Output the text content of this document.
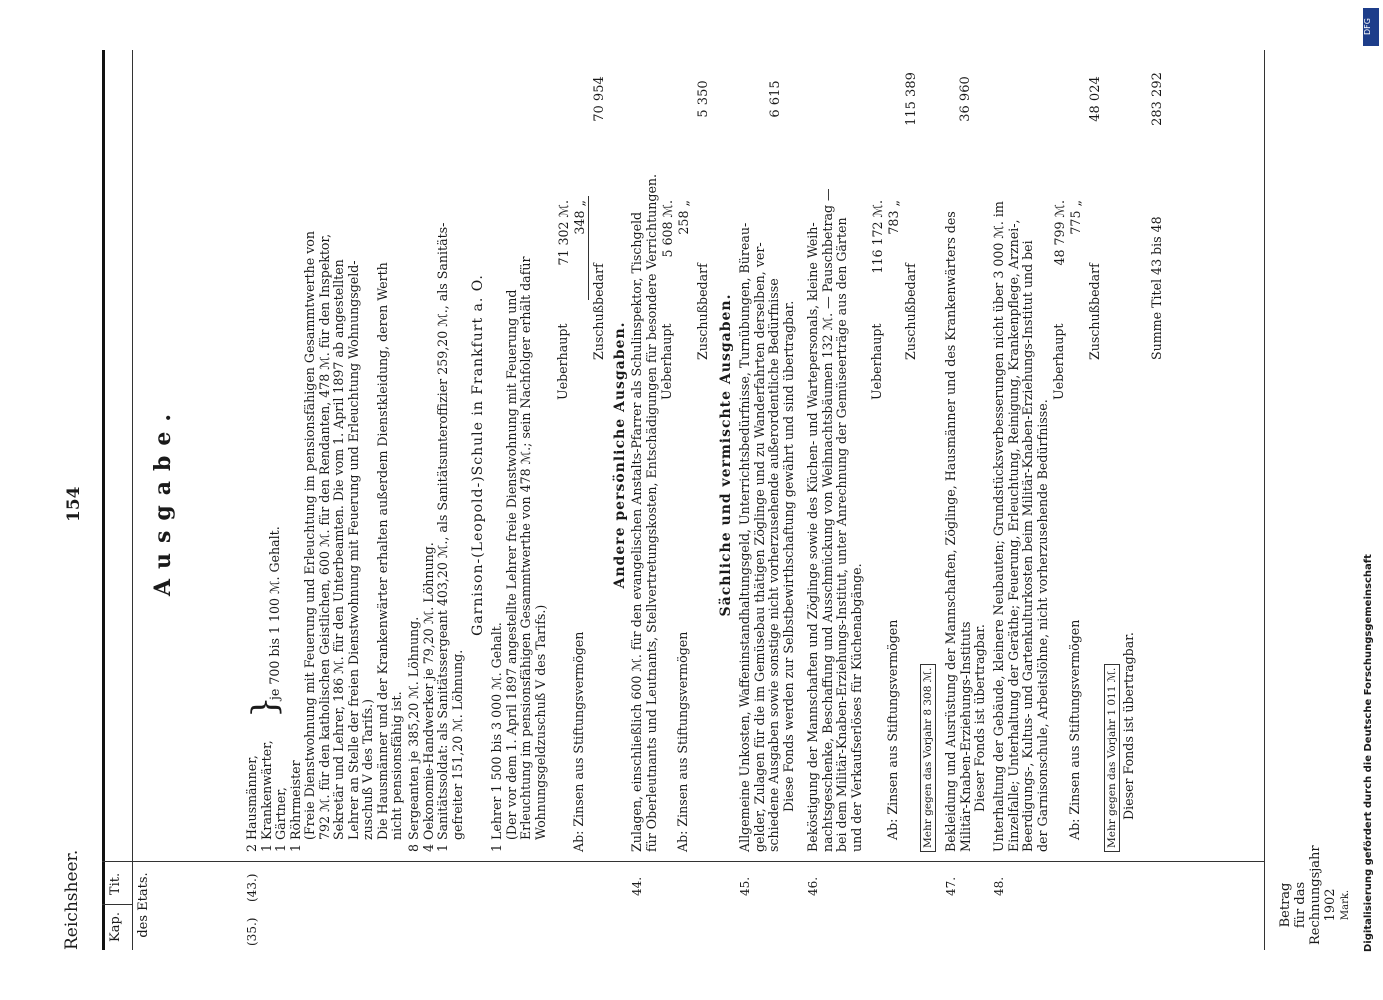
Reichsheer.
154
Kap.
Tit. des Etats.	Betrag für das Rechnungsjahr 1902 Mark.
Ausgabe.
(35.)
(43.)
2 Hausmänner, 1 Krankenwärter, 1 Gärtner, 1 Röhrmeister
}
je 700 bis 1 100 ℳ. Gehalt. (Freie Dienstwohnung mit Feuerung und Erleuchtung im pensionsfähigen Gesammtwerthe von 792 ℳ. für den katholischen Geistlichen, 600 ℳ. für den Rendanten, 478 ℳ. für den Inspektor, Sekretär und Lehrer, 186 ℳ. für den Unterbeamten. Die vom 1. April 1897 ab angestellten Lehrer an Stelle der freien Dienstwohnung mit Feuerung und Erleuchtung Wohnungsgeld- zuschuß V des Tarifs.) Die Hausmänner und der Krankenwärter erhalten außerdem Dienstkleidung, deren Werth nicht pensionsfähig ist. 8 Sergeanten je 385,20 ℳ. Löhnung. 4 Oekonomie-Handwerker je 79,20 ℳ. Löhnung. 1 Sanitätssoldat: als Sanitätssergeant 403,20 ℳ., als Sanitätsunteroffizier 259,20 ℳ., als Sanitäts- gefreiter 151,20 ℳ. Löhnung.
Garnison-(Leopold-)Schule in Frankfurt a. O.
1 Lehrer 1 500 bis 3 000 ℳ. Gehalt. (Der vor dem 1. April 1897 angestellte Lehrer freie Dienstwohnung mit Feuerung und Erleuchtung im pensionsfähigen Gesammtwerthe von 478 ℳ.; sein Nachfolger erhält dafür Wohnungsgeldzuschuß V des Tarifs.)
Ueberhaupt
71 302 ℳ.
Ab: Zinsen aus Stiftungsvermögen
348 „
Zuschußbedarf
70 954
Andere persönliche Ausgaben.
44.
Zulagen, einschließlich 600 ℳ. für den evangelischen Anstalts-Pfarrer als Schulinspektor, Tischgeld für Oberleutnants und Leutnants, Stellvertretungskosten, Entschädigungen für besondere Verrichtungen. Ueberhaupt
5 608 ℳ.
Ab: Zinsen aus Stiftungsvermögen
258 „
Zuschußbedarf
5 350
Sächliche und vermischte Ausgaben.
45.
Allgemeine Unkosten, Waffeninstandhaltungsgeld, Unterrichtsbedürfnisse, Turnübungen, Büreau- gelder, Zulagen für die im Gemüsebau thätigen Zöglinge und zu Wanderfahrten derselben, ver- schiedene Ausgaben sowie sonstige nicht vorherzusehende außerordentliche Bedürfnisse Diese Fonds werden zur Selbstbewirthschaftung gewährt und sind übertragbar.
6 615
46.
Beköstigung der Mannschaften und Zöglinge sowie des Küchen- und Wartepersonals, kleine Weih- nachtsgeschenke, Beschaffung und Ausschmückung von Weihnachtsbäumen 132 ℳ. — Pauschbetrag — bei dem Militär-Knaben-Erziehungs-Institut, unter Anrechnung der Gemüseerträge aus den Gärten und der Verkaufserlöses für Küchenabgänge.
Ueberhaupt
116 172 ℳ.
Ab: Zinsen aus Stiftungsvermögen
783 „
Zuschußbedarf
115 389
Mehr gegen das Vorjahr 8 308 ℳ.
47.
Bekleidung und Ausrüstung der Mannschaften, Zöglinge, Hausmänner und des Krankenwärters des Militär-Knaben-Erziehungs-Instituts Dieser Fonds ist übertragbar.
36 960
48.
Unterhaltung der Gebäude, kleinere Neubauten; Grundstücksverbesserungen nicht über 3 000 ℳ. im Einzelfalle; Unterhaltung der Geräthe; Feuerung, Erleuchtung, Reinigung, Krankenpflege, Arznei-, Beerdigungs-, Kultus- und Gartenkulturkosten beim Militär-Knaben-Erziehungs-Institut und bei der Garnisonschule, Arbeitslöhne, nicht vorherzusehende Bedürfnisse.
Ueberhaupt
48 799 ℳ.
Ab: Zinsen aus Stiftungsvermögen
775 „
Zuschußbedarf
48 024
Mehr gegen das Vorjahr 1 011 ℳ. Dieser Fonds ist übertragbar.
Summe Titel 43 bis 48
283 292
DFG
Digitalisierung gefördert durch die Deutsche Forschungsgemeinschaft
